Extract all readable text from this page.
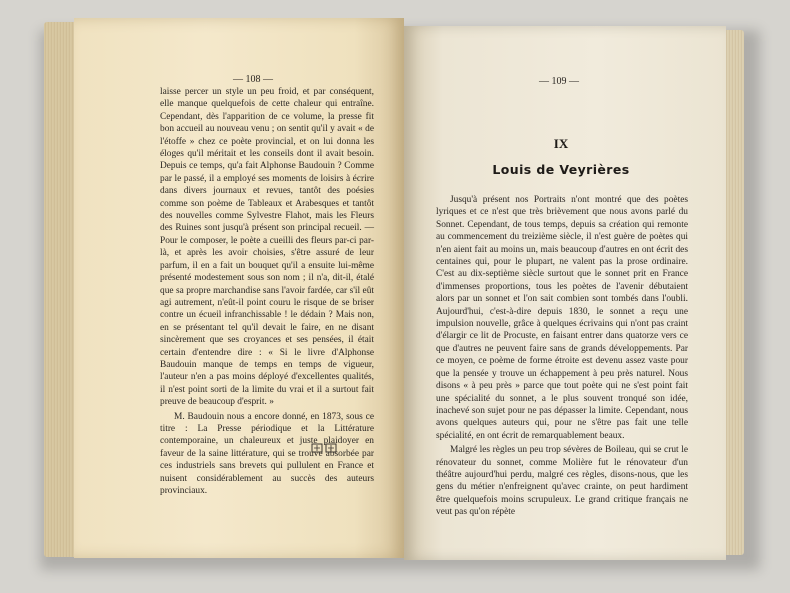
— 108 —

laisse percer un style un peu froid, et par conséquent, elle manque quelquefois de cette chaleur qui entraîne. Cependant, dès l'apparition de ce volume, la presse fit bon accueil au nouveau venu ; on sentit qu'il y avait « de l'étoffe » chez ce poète provincial, et on lui donna les éloges qu'il méritait et les conseils dont il avait besoin. Depuis ce temps, qu'a fait Alphonse Baudouin ? Comme par le passé, il a employé ses moments de loisirs à écrire dans divers journaux et revues, tantôt des poésies comme son poème de Tableaux et Arabesques et tantôt des nouvelles comme Sylvestre Flahot, mais les Fleurs des Ruines sont jusqu'à présent son principal recueil. — Pour le composer, le poète a cueilli des fleurs par-ci par-là, et après les avoir choisies, s'être assuré de leur parfum, il en a fait un bouquet qu'il a ensuite lui-même présenté modestement sous son nom ; il n'a, dit-il, étalé que sa propre marchandise sans l'avoir fardée, car s'il eût agi autrement, n'eût-il point couru le risque de se briser contre un écueil infranchissable ! le dédain ? Mais non, en se présentant tel qu'il devait le faire, en ne disant sincèrement que ses croyances et ses pensées, il était certain d'entendre dire : « Si le livre d'Alphonse Baudouin manque de temps en temps de vigueur, l'auteur n'en a pas moins déployé d'excellentes qualités, il n'est point sorti de la limite du vrai et il a surtout fait preuve de beaucoup d'esprit. »

M. Baudouin nous a encore donné, en 1873, sous ce titre : La Presse périodique et la Littérature contemporaine, un chaleureux et juste plaidoyer en faveur de la saine littérature, qui se trouve absorbée par ces industriels sans brevets qui pullulent en France et nuisent considérablement au succès des auteurs provinciaux.

— 109 —
IX
Louis de Veyrières

Jusqu'à présent nos Portraits n'ont montré que des poètes lyriques et ce n'est que très brièvement que nous avons parlé du Sonnet. Cependant, de tous temps, depuis sa création qui remonte au commencement du treizième siècle, il n'est guère de poètes qui n'en aient fait au moins un, mais beaucoup d'autres en ont écrit des centaines qui, pour le plupart, ne valent pas la prose ordinaire. C'est au dix-septième siècle surtout que le sonnet prit en France d'immenses proportions, tous les poètes de l'avenir débutaient alors par un sonnet et l'on sait combien sont tombés dans l'oubli. Aujourd'hui, c'est-à-dire depuis 1830, le sonnet a reçu une impulsion nouvelle, grâce à quelques écrivains qui n'ont pas craint d'élargir ce lit de Procuste, en faisant entrer dans quatorze vers ce que d'autres ne peuvent faire sans de grands développements. Par ce moyen, ce poème de forme étroite est devenu assez vaste pour que la pensée y trouve un échappement à peu près naturel. Nous disons « à peu près » parce que tout poète qui ne s'est point fait une spécialité du sonnet, a le plus souvent tronqué son idée, inachevé son sujet pour ne pas dépasser la limite. Cependant, nous avons quelques auteurs qui, pour ne s'être pas fait une telle spécialité, en ont écrit de remarquablement beaux.

Malgré les règles un peu trop sévères de Boileau, qui se crut le rénovateur du sonnet, comme Molière fut le rénovateur d'un théâtre aujourd'hui perdu, malgré ces règles, disons-nous, que les gens du métier n'enfreignent qu'avec crainte, on peut hardiment être quelquefois moins scrupuleux. Le grand critique français ne veut pas qu'on répète
